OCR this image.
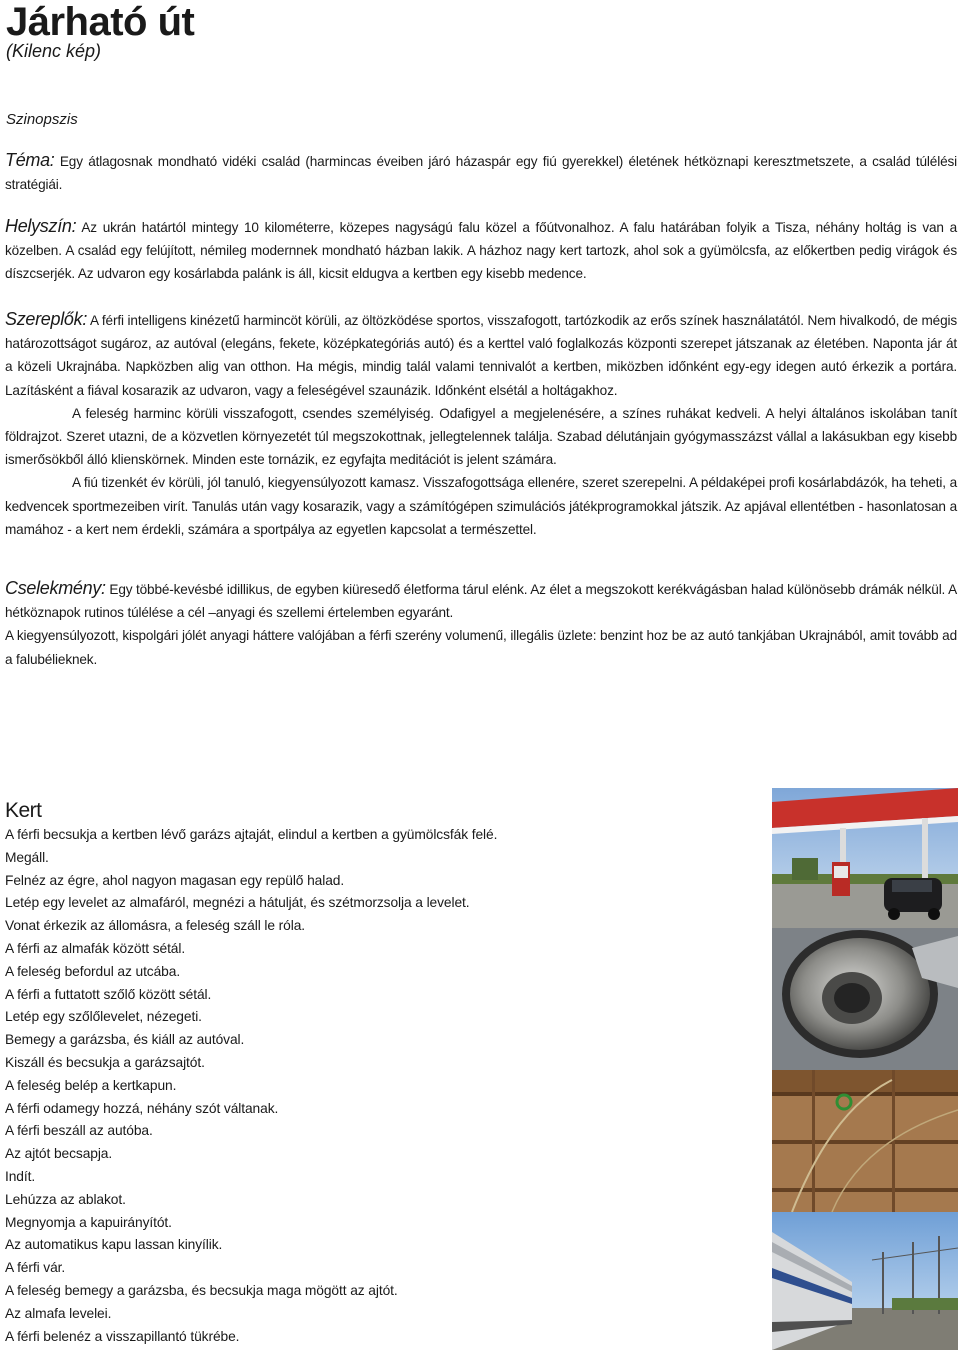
Járható út
(Kilenc kép)
Szinopszis

Téma: Egy átlagosnak mondható vidéki család (harmincas éveiben járó házaspár egy fiú gyerekkel) életének hétköznapi keresztmetszete, a család túlélési stratégiái.

Helyszín: Az ukrán határtól mintegy 10 kilométerre, közepes nagyságú falu közel a főútvonalhoz. A falu határában folyik a Tisza, néhány holtág is van a közelben. A család egy felújított, némileg modernnek mondható házban lakik. A házhoz nagy kert tartozk, ahol sok a gyümölcsfa, az előkertben pedig virágok és díszcserjék. Az udvaron egy kosárlabda palánk is áll, kicsit eldugva a kertben egy kisebb medence.

Szereplők: A férfi intelligens kinézetű harmincöt körüli, az öltözködése sportos, visszafogott, tartózkodik az erős színek használatától. Nem hivalkodó, de mégis határozottságot sugároz, az autóval (elegáns, fekete, középkategóriás autó) és a kerttel való foglalkozás központi szerepet játszanak az életében. Naponta jár át a közeli Ukrajnába. Napközben alig van otthon. Ha mégis, mindig talál valami tennivalót a kertben, miközben időnként egy-egy idegen autó érkezik a portára. Lazításként a fiával kosarazik az udvaron, vagy a feleségével szaunázik. Időnként elsétál a holtágakhoz.

A feleség harminc körüli visszafogott, csendes személyiség. Odafigyel a megjelenésére, a színes ruhákat kedveli. A helyi általános iskolában tanít földrajzot. Szeret utazni, de a közvetlen környezetét túl megszokottnak, jellegtelennek találja. Szabad délutánjain gyógymasszázst vállal a lakásukban egy kisebb ismerősökből álló klienskörnek. Minden este tornázik, ez egyfajta meditációt is jelent számára.

A fiú tizenkét év körüli, jól tanuló, kiegyensúlyozott kamasz. Visszafogottsága ellenére, szeret szerepelni. A példaképei profi kosárlabdázók, ha teheti, a kedvencek sportmezeiben virít. Tanulás után vagy kosarazik, vagy a számítógépen szimulációs játékprogramokkal játszik. Az apjával ellentétben - hasonlatosan a mamához - a kert nem érdekli, számára a sportpálya az egyetlen kapcsolat a természettel.

Cselekmény: Egy többé-kevésbé idillikus, de egyben kiüresedő életforma tárul elénk. Az élet a megszokott kerékvágásban halad különösebb drámák nélkül. A hétköznapok rutinos túlélése a cél –anyagi és szellemi értelemben egyaránt.

A kiegyensúlyozott, kispolgári jólét anyagi háttere valójában a férfi szerény volumenű, illegális üzlete: benzint hoz be az autó tankjában Ukrajnából, amit tovább ad a falubélieknek.

Kert
A férfi becsukja a kertben lévő garázs ajtaját, elindul a kertben a gyümölcsfák felé.
Megáll.
Felnéz az égre, ahol nagyon magasan egy repülő halad.
Letép egy levelet az almafáról, megnézi a hátulját, és szétmorzsolja a levelet.
Vonat érkezik az állomásra, a feleség száll le róla.
A férfi az almafák között sétál.
A feleség befordul az utcába.
A férfi a futtatott szőlő között sétál.
Letép egy szőlőlevelet, nézegeti.
Bemegy a garázsba, és kiáll az autóval.
Kiszáll és becsukja a garázsajtót.
A feleség belép a kertkapun.
A férfi odamegy hozzá, néhány szót váltanak.
A férfi beszáll az autóba.
Az ajtót becsapja.
Indít.
Lehúzza az ablakot.
Megnyomja a kapuirányítót.
Az automatikus kapu lassan kinyílik.
A férfi vár.
A feleség bemegy a garázsba, és becsukja maga mögött az ajtót.
Az almafa levelei.
A férfi belenéz a visszapillantó tükrébe.
